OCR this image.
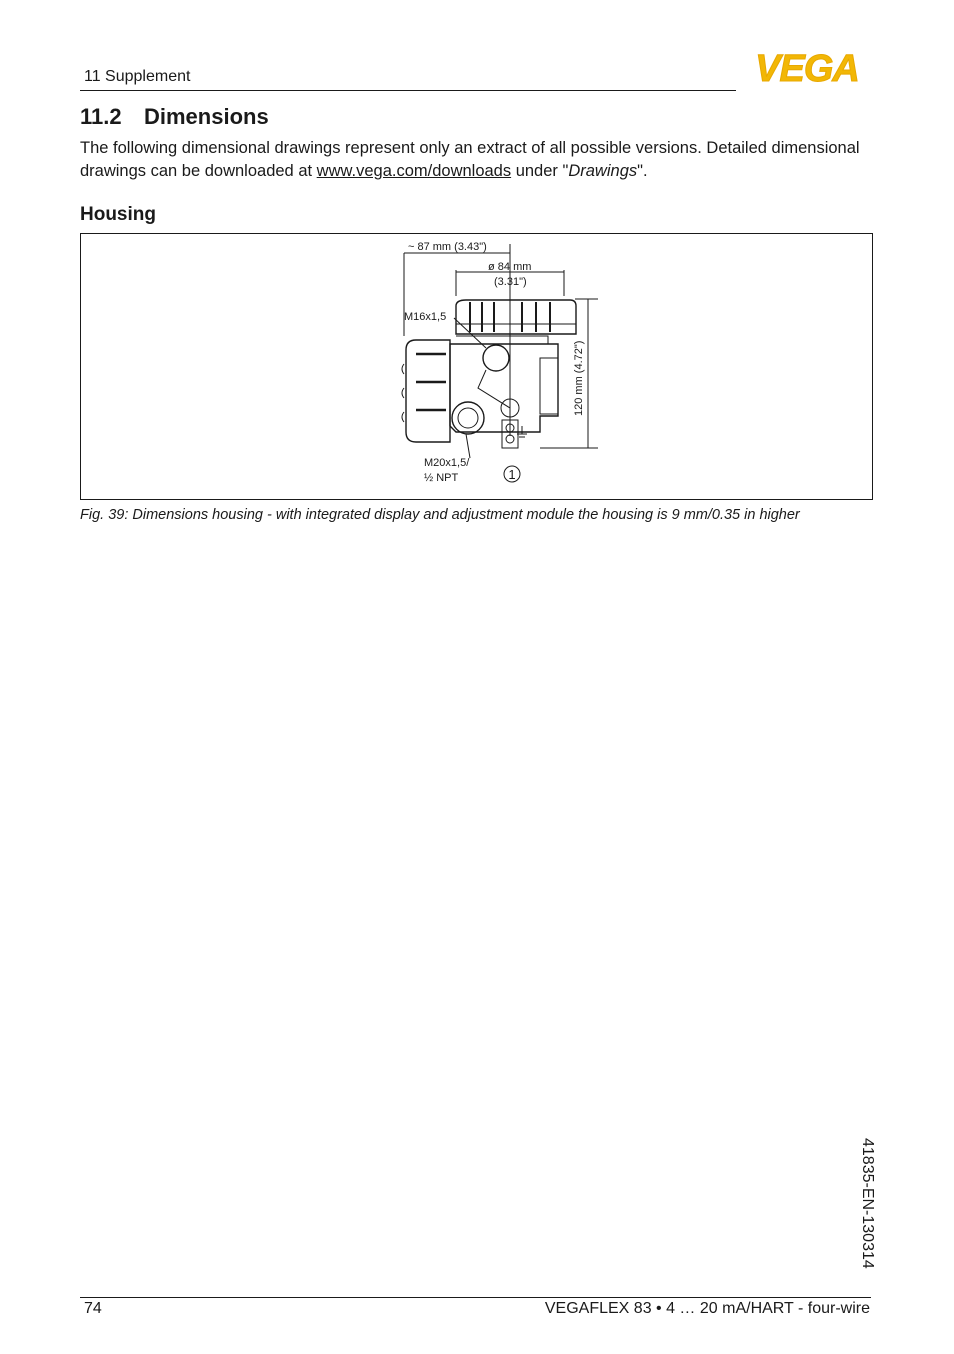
11 Supplement	VEGA
11.2 Dimensions
The following dimensional drawings represent only an extract of all possible versions. Detailed dimensional drawings can be downloaded at www.vega.com/downloads under "Drawings".
Housing
~ 87 mm (3.43")
ø 84 mm
(3.31")
M16x1,5
120 mm (4.72")
M20x1,5/
½ NPT	1
Fig. 39: Dimensions housing - with integrated display and adjustment module the housing is 9 mm/0.35 in higher
41835-EN-130314
74	VEGAFLEX 83 • 4 … 20 mA/HART - four-wire
